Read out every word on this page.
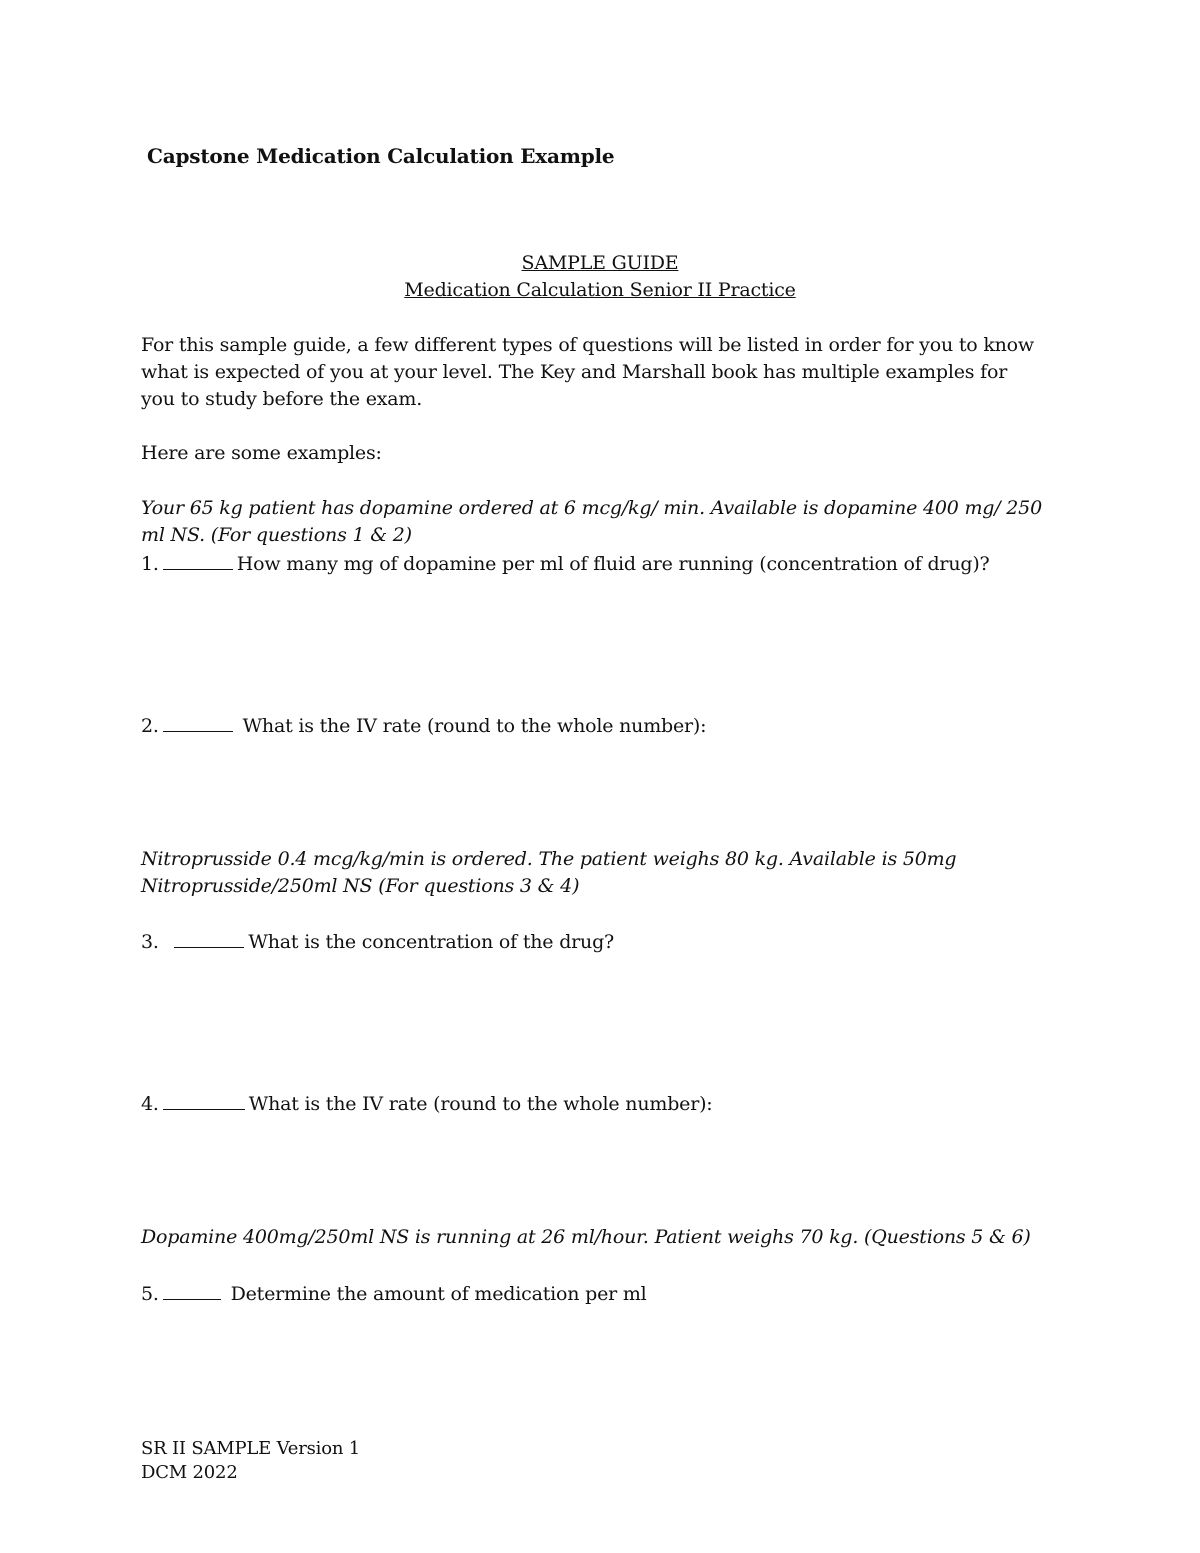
Capstone Medication Calculation Example
SAMPLE GUIDE
Medication Calculation Senior II Practice
For this sample guide, a few different types of questions will be listed in order for you to know
what is expected of you at your level. The Key and Marshall book has multiple examples for
you to study before the exam.
Here are some examples:
Your 65 kg patient has dopamine ordered at 6 mcg/kg/ min. Available is dopamine 400 mg/ 250
ml NS. (For questions 1 & 2)
1.	How many mg of dopamine per ml of fluid are running (concentration of drug)?
2.	What is the IV rate (round to the whole number):
Nitroprusside 0.4 mcg/kg/min is ordered. The patient weighs 80 kg. Available is 50mg
Nitroprusside/250ml NS (For questions 3 & 4)
3.	What is the concentration of the drug?
4.	What is the IV rate (round to the whole number):
Dopamine 400mg/250ml NS is running at 26 ml/hour. Patient weighs 70 kg. (Questions 5 & 6)
5.	Determine the amount of medication per ml
SR II SAMPLE Version 1
DCM 2022
